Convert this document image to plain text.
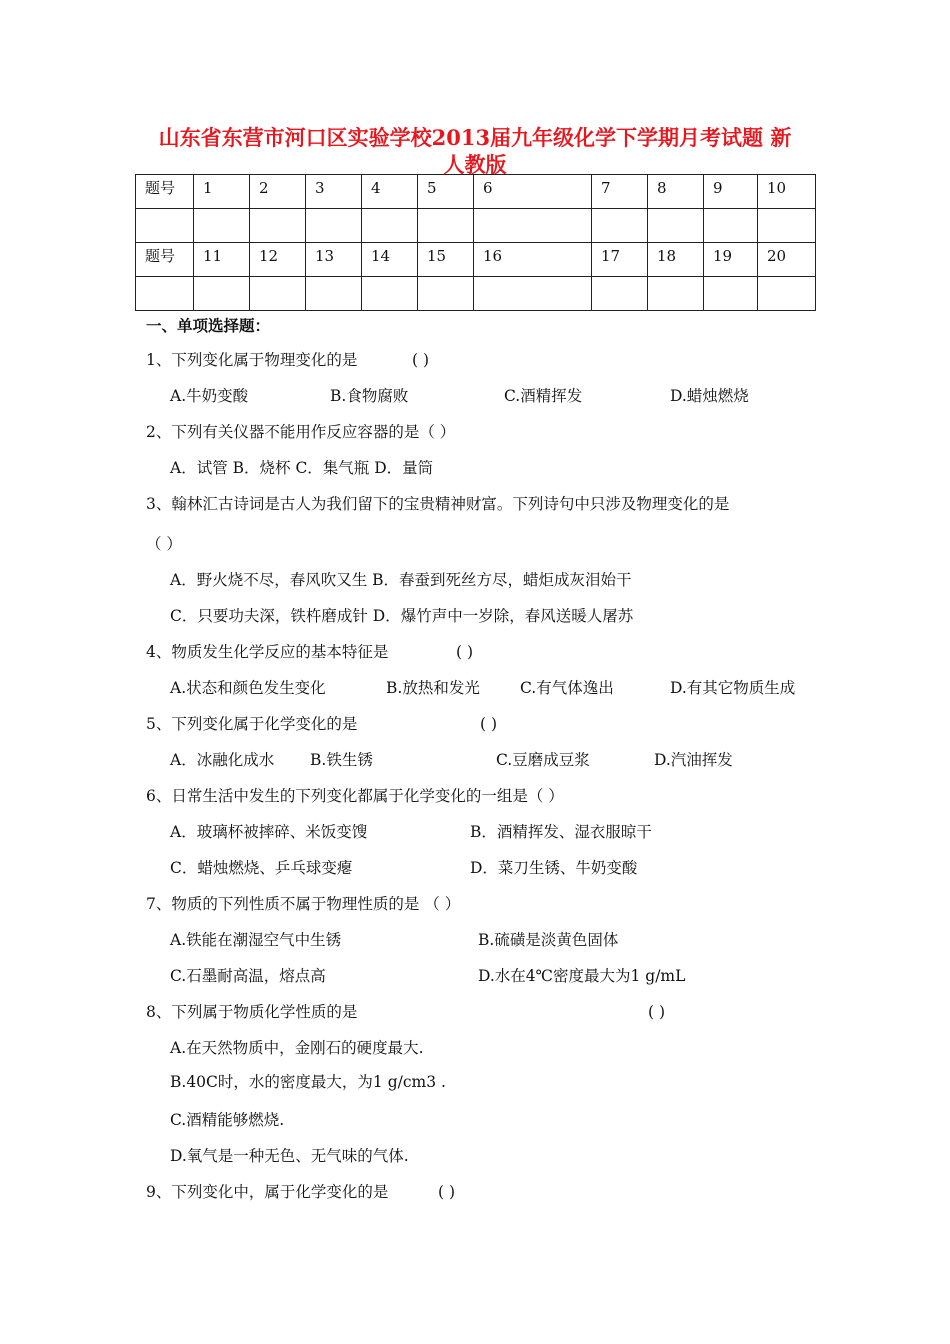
山东省东营市河口区实验学校2013届九年级化学下学期月考试题 新
人教版
题号	1	2	3	4	5	6	7	8	9	10

题号	11	12	13	14	15	16	17	18	19	20

一、单项选择题：
1、下列变化属于物理变化的是	( )
A.牛奶变酸	B.食物腐败	C.酒精挥发	D.蜡烛燃烧
2、下列有关仪器不能用作反应容器的是（ ）
A．试管 B．烧杯 C．集气瓶 D．量筒
3、翰林汇古诗词是古人为我们留下的宝贵精神财富。下列诗句中只涉及物理变化的是
（ ）
A．野火烧不尽，春风吹又生 B．春蚕到死丝方尽，蜡炬成灰泪始干
C．只要功夫深，铁杵磨成针 D．爆竹声中一岁除，春风送暖人屠苏
4、物质发生化学反应的基本特征是	( )
A.状态和颜色发生变化	B.放热和发光	C.有气体逸出	D.有其它物质生成
5、下列变化属于化学变化的是	( )
A．冰融化成水 B.铁生锈	C.豆磨成豆浆	D.汽油挥发
6、日常生活中发生的下列变化都属于化学变化的一组是（ ）
A．玻璃杯被摔碎、米饭变馊	B．酒精挥发、湿衣服晾干
C．蜡烛燃烧、乒乓球变瘪	D．菜刀生锈、牛奶变酸
7、物质的下列性质不属于物理性质的是 （ ）
A.铁能在潮湿空气中生锈	B.硫磺是淡黄色固体
C.石墨耐高温，熔点高	D.水在4℃密度最大为1 g/mL
8、下列属于物质化学性质的是	( )
A.在天然物质中，金刚石的硬度最大.
B.40C时，水的密度最大，为1 g/cm3 .
C.酒精能够燃烧.
D.氧气是一种无色、无气味的气体.
9、下列变化中，属于化学变化的是	( )
